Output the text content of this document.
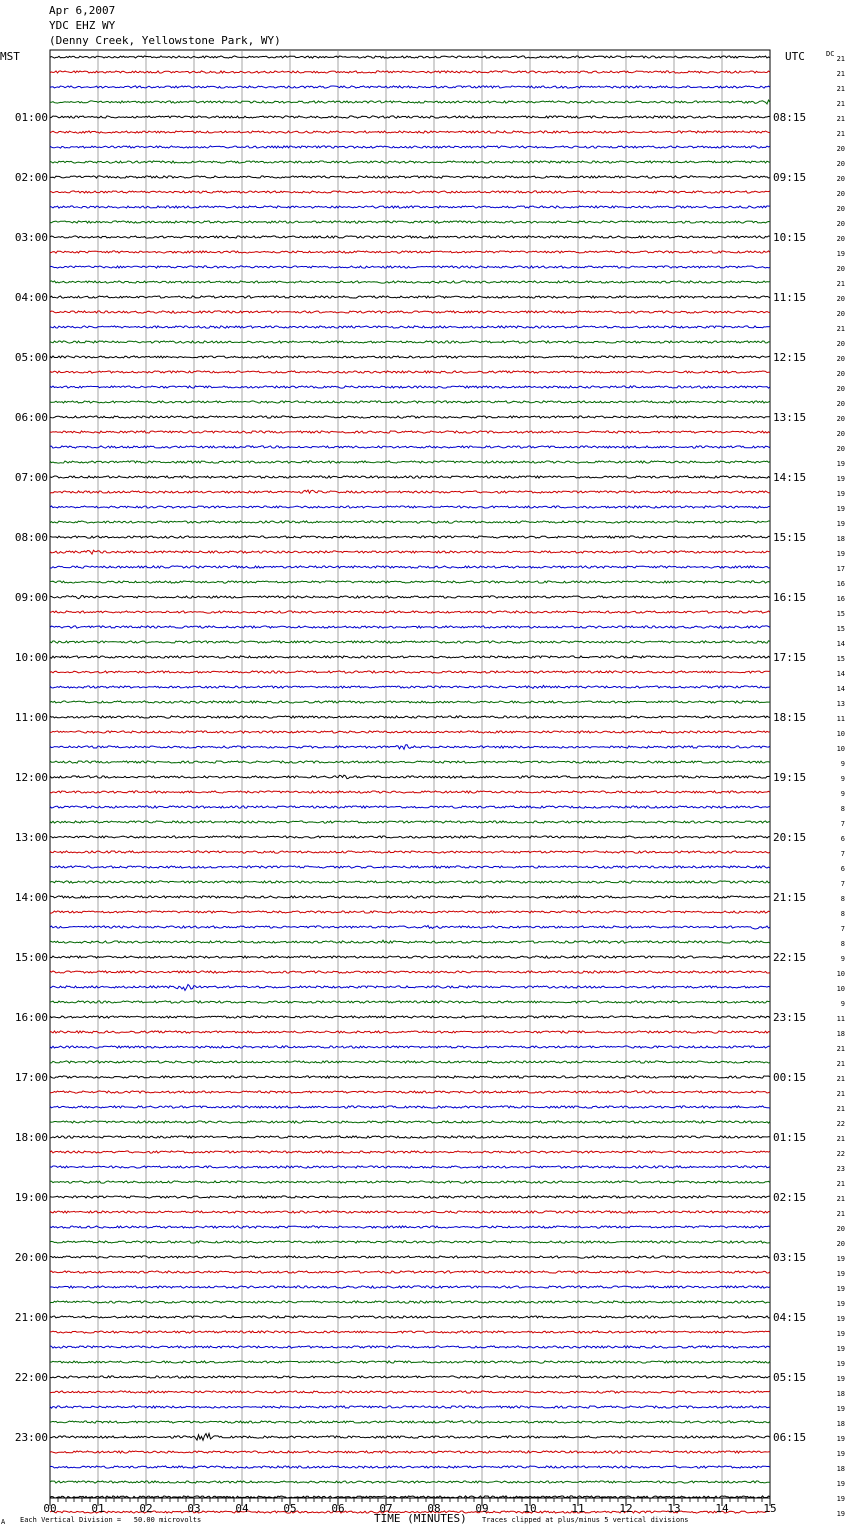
Apr 6,2007
YDC EHZ WY
(Denny Creek, Yellowstone Park, WY)
MST	UTC	DC
21
21
21
21
21
21
20
20
20
20
20
20
20
19
20
21
20
20
21
20
20
20
20
20
20
20
20
19
19
19
19
19
18
19
17
16
16
15
15
14
15
14
14
13
11
10
10
9
9
9
8
7
6
7
6
7
8
8
7
8
9
10
10
9
11
18
21
21
21
21
21
22
21
22
23
21
21
21
20
20
19
19
19
19
19
19
19
19
19
18
19
18
19
19
18
19
19
19
01:00
02:00
03:00
04:00
05:00
06:00
07:00
08:00
09:00
10:00
11:00
12:00
13:00
14:00
15:00
16:00
17:00
18:00
19:00
20:00
21:00
22:00
23:00
08:15
09:15
10:15
11:15
12:15
13:15
14:15
15:15
16:15
17:15
18:15
19:15
20:15
21:15
22:15
23:15
00:15
01:15
02:15
03:15
04:15
05:15
06:15
00	01	02	03	04	05	06	07	08	09	10	11	12	13	14	15
A Each Vertical Division =   50.00 microvolts	TIME (MINUTES) Traces clipped at plus/minus 5 vertical divisions
